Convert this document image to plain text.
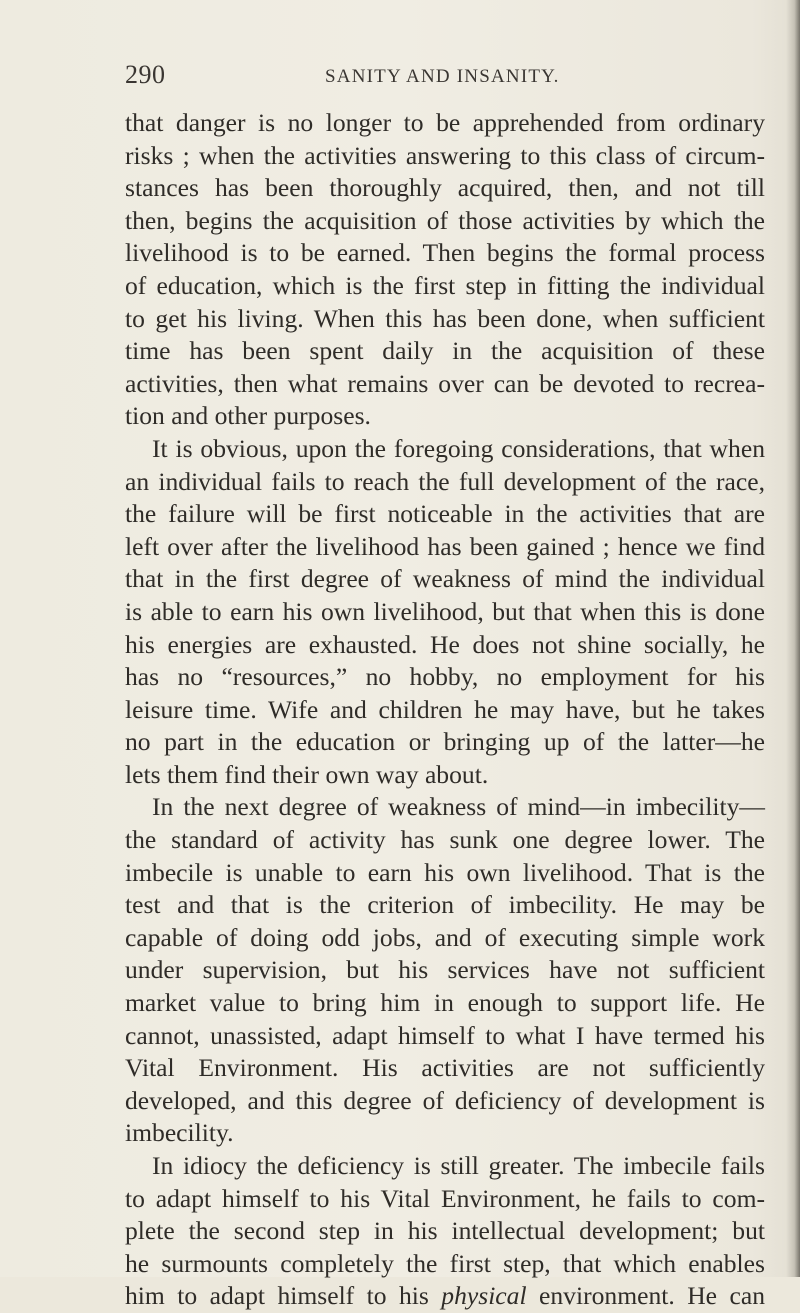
290	SANITY AND INSANITY.
that danger is no longer to be apprehended from ordinary
risks ; when the activities answering to this class of circum-
stances has been thoroughly acquired, then, and not till
then, begins the acquisition of those activities by which the
livelihood is to be earned. Then begins the formal process
of education, which is the first step in fitting the individual
to get his living. When this has been done, when sufficient
time has been spent daily in the acquisition of these
activities, then what remains over can be devoted to recrea-
tion and other purposes.
It is obvious, upon the foregoing considerations, that when
an individual fails to reach the full development of the race,
the failure will be first noticeable in the activities that are
left over after the livelihood has been gained ; hence we find
that in the first degree of weakness of mind the individual
is able to earn his own livelihood, but that when this is done
his energies are exhausted. He does not shine socially, he
has no “resources,” no hobby, no employment for his
leisure time. Wife and children he may have, but he takes
no part in the education or bringing up of the latter—he
lets them find their own way about.
In the next degree of weakness of mind—in imbecility—
the standard of activity has sunk one degree lower. The
imbecile is unable to earn his own livelihood. That is the
test and that is the criterion of imbecility. He may be
capable of doing odd jobs, and of executing simple work
under supervision, but his services have not sufficient
market value to bring him in enough to support life. He
cannot, unassisted, adapt himself to what I have termed his
Vital Environment. His activities are not sufficiently
developed, and this degree of deficiency of development is
imbecility.
In idiocy the deficiency is still greater. The imbecile fails
to adapt himself to his Vital Environment, he fails to com-
plete the second step in his intellectual development; but
he surmounts completely the first step, that which enables
him to adapt himself to his physical environment. He can
